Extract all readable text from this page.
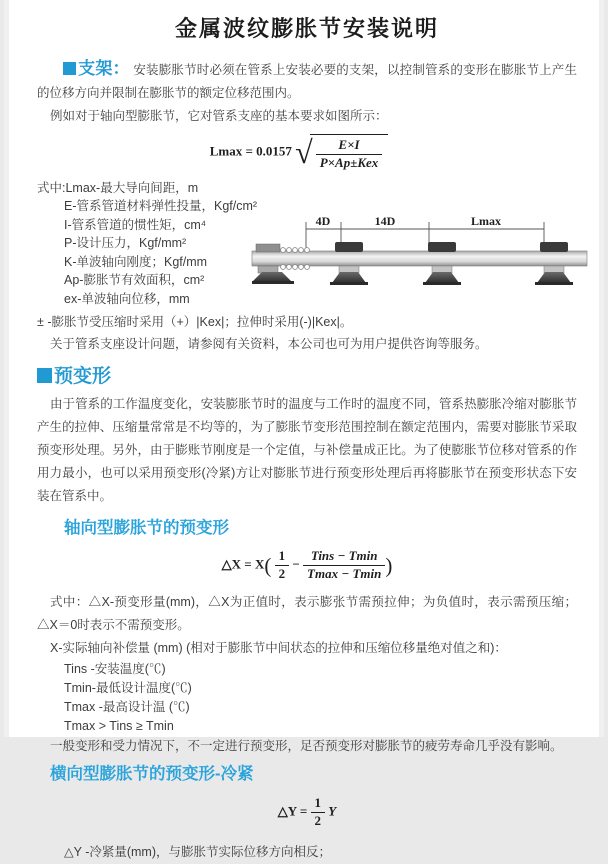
金属波纹膨胀节安装说明

支架： 安装膨胀节时必须在管系上安装必要的支架，以控制管系的变形在膨胀节上产生的位移方向并限制在膨胀节的额定位移范围内。

例如对于轴向型膨胀节，它对管系支座的基本要求如图所示：

Lmax = 0.0157 √ $\frac{E\times I}{\text{P×Ap±Kex}}$

式中:Lmax-最大导向间距，m

E-管系管道材料弹性投量，Kgf/cm²

I-管系管道的惯性矩，cm⁴

P-设计压力，Kgf/mm²

K-单波轴向刚度；Kgf/mm

Ap-膨胀节有效面积，cm²

ex-单波轴向位移，mm

4D	14D	Lmax

± -膨胀节受压缩时采用（+）|Kex|；拉伸时采用(-)|Kex|。

关于管系支座设计问题，请参阅有关资料，本公司也可为用户提供咨询等服务。

预变形

由于管系的工作温度变化，安装膨胀节时的温度与工作时的温度不同，管系热膨胀冷缩对膨胀节产生的拉伸、压缩量常常是不均等的，为了膨胀节变形范围控制在额定范围内，需要对膨胀节采取预变形处理。另外，由于膨账节刚度是一个定值，与补偿量成正比。为了使膨胀节位移对管系的作用力最小，也可以采用预变形(冷紧)方让对膨胀节进行预变形处理后再将膨胀节在预变形状态下安装在管系中。

轴向型膨胀节的预变形
△X = $X( \frac{1}{2} - \frac{\text{Tins − Tmin}}{Tmax - Tmin}$ )

式中：△X-预变形量(mm)，△X为正值时，表示膨张节需预拉伸；为负值时，表示需预压缩；△X＝0时表示不需预变形。

X-实际轴向补偿量 (mm) (相对于膨胀节中间状态的拉伸和压缩位移量绝对值之和)：

Tins -安装温度(℃)

Tmin-最低设计温度(℃)

Tmax -最高设计温 (℃)

Tmax > Tins ≥ Tmin

一般变形和受力情况下，不一定进行预变形，足否预变形对膨胀节的疲劳寿命几乎没有影响。

横向型膨胀节的预变形-冷紧
△Y = $\frac{1}{2}$ Y

△Y -冷紧量(mm)，与膨胀节实际位移方向相反；
